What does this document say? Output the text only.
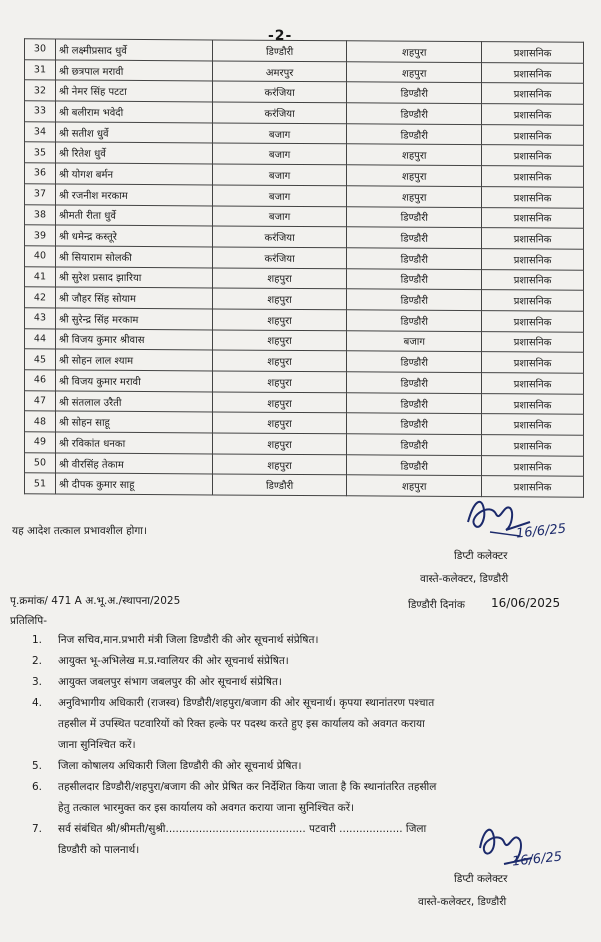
-2-
30	श्री लक्ष्मीप्रसाद धुर्वे	डिण्डौरी	शहपुरा	प्रशासनिक
31	श्री छत्रपाल मरावी	अमरपुर	शहपुरा	प्रशासनिक
32	श्री नेमर सिंह पटटा	करंजिया	डिण्डौरी	प्रशासनिक
33	श्री बलीराम भवेदी	करंजिया	डिण्डौरी	प्रशासनिक
34	श्री सतीश धुर्वे	बजाग	डिण्डौरी	प्रशासनिक
35	श्री रितेश धुर्वे	बजाग	शहपुरा	प्रशासनिक
36	श्री योगश बर्मन	बजाग	शहपुरा	प्रशासनिक
37	श्री रजनीश मरकाम	बजाग	शहपुरा	प्रशासनिक
38	श्रीमती रीता धुर्वे	बजाग	डिण्डौरी	प्रशासनिक
39	श्री धमेन्द्र कस्तूरे	करंजिया	डिण्डौरी	प्रशासनिक
40	श्री सियाराम सोलकी	करंजिया	डिण्डौरी	प्रशासनिक
41	श्री सुरेश प्रसाद झारिया	शहपुरा	डिण्डौरी	प्रशासनिक
42	श्री जौहर सिंह सोयाम	शहपुरा	डिण्डौरी	प्रशासनिक
43	श्री सुरेन्द्र सिंह मरकाम	शहपुरा	डिण्डौरी	प्रशासनिक
44	श्री विजय कुमार श्रीवास	शहपुरा	बजाग	प्रशासनिक
45	श्री सोहन लाल श्याम	शहपुरा	डिण्डौरी	प्रशासनिक
46	श्री विजय कुमार मरावी	शहपुरा	डिण्डौरी	प्रशासनिक
47	श्री संतलाल उरैती	शहपुरा	डिण्डौरी	प्रशासनिक
48	श्री सोहन साहू	शहपुरा	डिण्डौरी	प्रशासनिक
49	श्री रविकांत धनका	शहपुरा	डिण्डौरी	प्रशासनिक
50	श्री वीरसिंह तेकाम	शहपुरा	डिण्डौरी	प्रशासनिक
51	श्री दीपक कुमार साहू	डिण्डौरी	शहपुरा	प्रशासनिक
यह आदेश तत्काल प्रभावशील होगा।	16/6/25
डिप्टी कलेक्टर
वास्ते-कलेक्टर, डिण्डौरी
पृ.क्रमांक/ 471 A अ.भू.अ./स्थापना/2025	डिण्डौरी दिनांक 16/06/2025
प्रतिलिपि-
1. निज सचिव,मान.प्रभारी मंत्री जिला डिण्डौरी की ओर सूचनार्थ संप्रेषित।
2. आयुक्त भू-अभिलेख म.प्र.ग्वालियर की ओर सूचनार्थ संप्रेषित।
3. आयुक्त जबलपुर संभाग जबलपुर की ओर सूचनार्थ संप्रेषित।
4. अनुविभागीय अधिकारी (राजस्व) डिण्डौरी/शहपुरा/बजाग की ओर सूचनार्थ। कृपया स्थानांतरण पश्चात
तहसील में उपस्थित पटवारियों को रिक्त हल्के पर पदस्थ करते हुए इस कार्यालय को अवगत कराया
जाना सुनिश्चित करें।
5. जिला कोषालय अधिकारी जिला डिण्डौरी की ओर सूचनार्थ प्रेषित।
6. तहसीलदार डिण्डौरी/शहपुरा/बजाग की ओर प्रेषित कर निर्देशित किया जाता है कि स्थानांतरित तहसील
हेतु तत्काल भारमुक्त कर इस कार्यालय को अवगत कराया जाना सुनिश्चित करें।
7. सर्व संबंधित श्री/श्रीमती/सुश्री.......................................... पटवारी ................... जिला
डिण्डौरी को पालनार्थ।	16/6/25
डिप्टी कलेक्टर
वास्ते-कलेक्टर, डिण्डौरी
